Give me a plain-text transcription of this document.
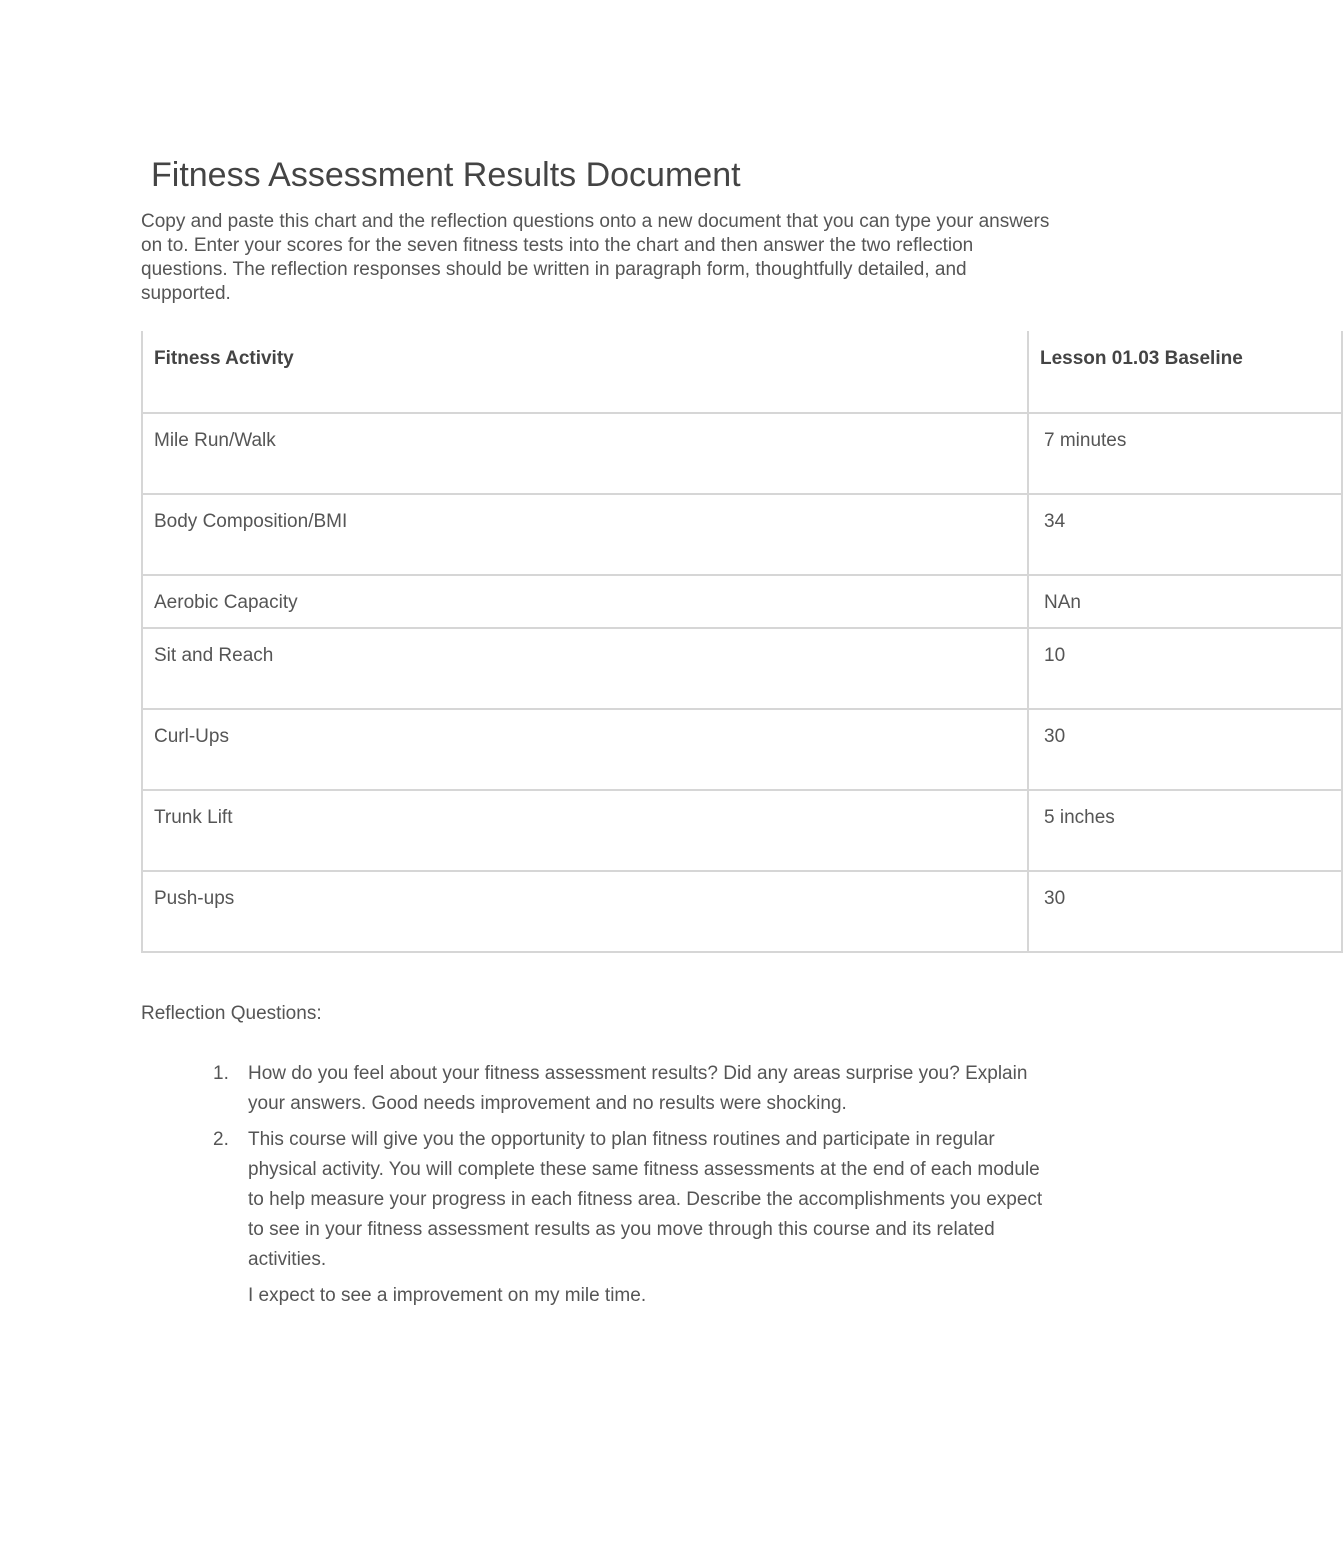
Fitness Assessment Results Document

Copy and paste this chart and the reflection questions onto a new document that you can type your answers on to. Enter your scores for the seven fitness tests into the chart and then answer the two reflection questions. The reflection responses should be written in paragraph form, thoughtfully detailed, and supported.

Fitness Activity	Lesson 01.03 Baseline

Mile Run/Walk	7 minutes

Body Composition/BMI	34

Aerobic Capacity	NAn

Sit and Reach	10

Curl-Ups	30

Trunk Lift	5 inches

Push-ups	30

Reflection Questions:

1. How do you feel about your fitness assessment results? Did any areas surprise you? Explain your answers. Good needs improvement and no results were shocking.
2. This course will give you the opportunity to plan fitness routines and participate in regular physical activity. You will complete these same fitness assessments at the end of each module to help measure your progress in each fitness area. Describe the accomplishments you expect to see in your fitness assessment results as you move through this course and its related activities.
I expect to see a improvement on my mile time.
